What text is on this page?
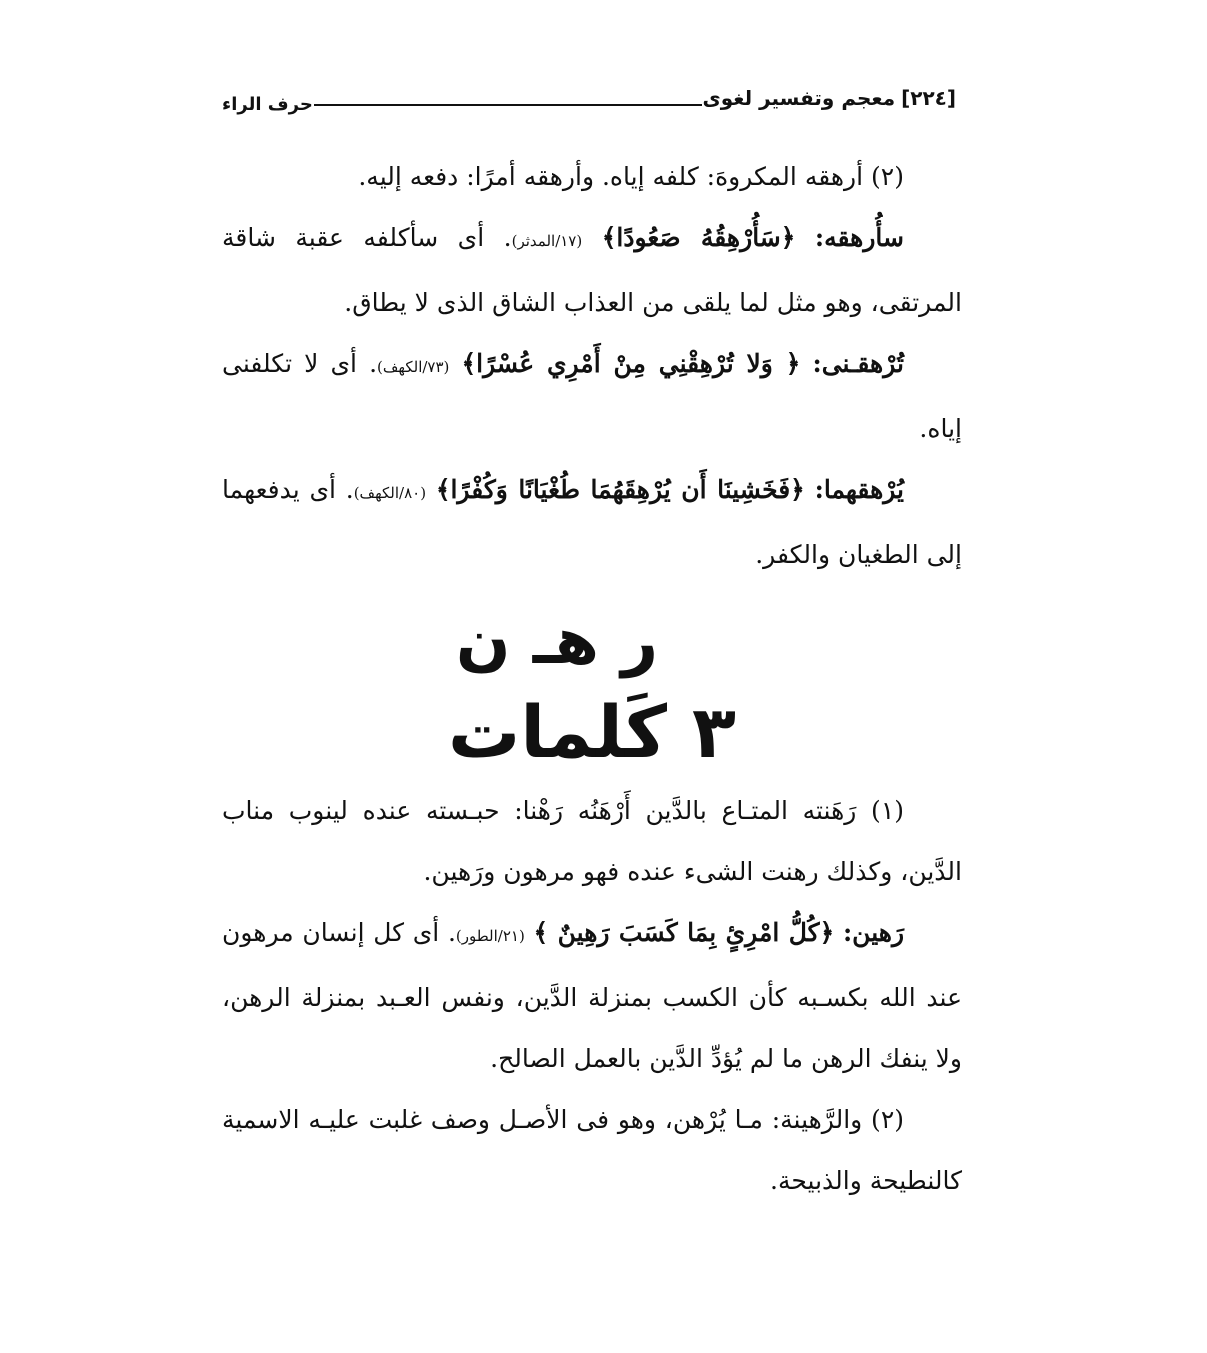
[٢٢٤]معجم وتفسير لغوى
حرف الراء

(٢) أرهقه المكروهَ: كلفه إياه. وأرهقه أمرًا: دفعه إليه.

سأُرهقه: ﴿سَأُرْهِقُهُ صَعُودًا﴾ (١٧/المدثر). أى سأكلفه عقبة شاقة المرتقى، وهو مثل لما يلقى من العذاب الشاق الذى لا يطاق.

تُرْهقـنى: ﴿ وَلا تُرْهِقْنِي مِنْ أَمْرِي عُسْرًا﴾ (٧٣/الكهف). أى لا تكلفنى إياه.

يُرْهقهما: ﴿فَخَشِينَا أَن يُرْهِقَهُمَا طُغْيَانًا وَكُفْرًا﴾ (٨٠/الكهف). أى يدفعهما إلى الطغيان والكفر.

ر هـ ن
٣ كَلمات

(١) رَهَنته المتـاع بالدَّين أَرْهَنُه رَهْنا: حبـسته عنده لينوب مناب الدَّين، وكذلك رهنت الشىء عنده فهو مرهون ورَهين.

رَهين: ﴿كُلُّ امْرِئٍ بِمَا كَسَبَ رَهِينٌ ﴾ (٢١/الطور). أى كل إنسان مرهون عند الله بكسـبه كأن الكسب بمنزلة الدَّين، ونفس العـبد بمنزلة الرهن، ولا ينفك الرهن ما لم يُؤدِّ الدَّين بالعمل الصالح.

(٢) والرَّهينة: مـا يُرْهن، وهو فى الأصـل وصف غلبت عليـه الاسمية كالنطيحة والذبيحة.
